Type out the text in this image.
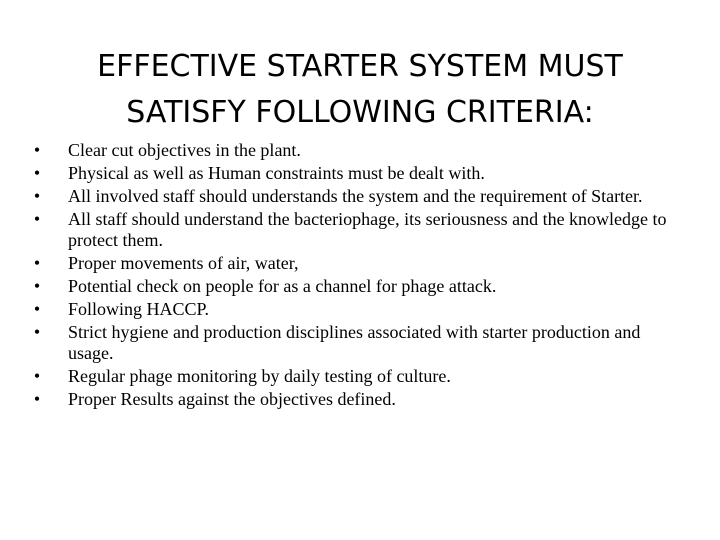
EFFECTIVE STARTER SYSTEM MUST
SATISFY FOLLOWING CRITERIA:
• Clear cut objectives in the plant.
• Physical as well as Human constraints must be dealt with.
• All involved staff should understands the system and the requirement of Starter.
• All staff should understand the bacteriophage, its seriousness and the knowledge to protect them.
• Proper movements of air, water,
• Potential check on people for as a channel for phage attack.
• Following HACCP.
• Strict hygiene and production disciplines associated with starter production and usage.
• Regular phage monitoring by daily testing of culture.
• Proper Results against the objectives defined.
